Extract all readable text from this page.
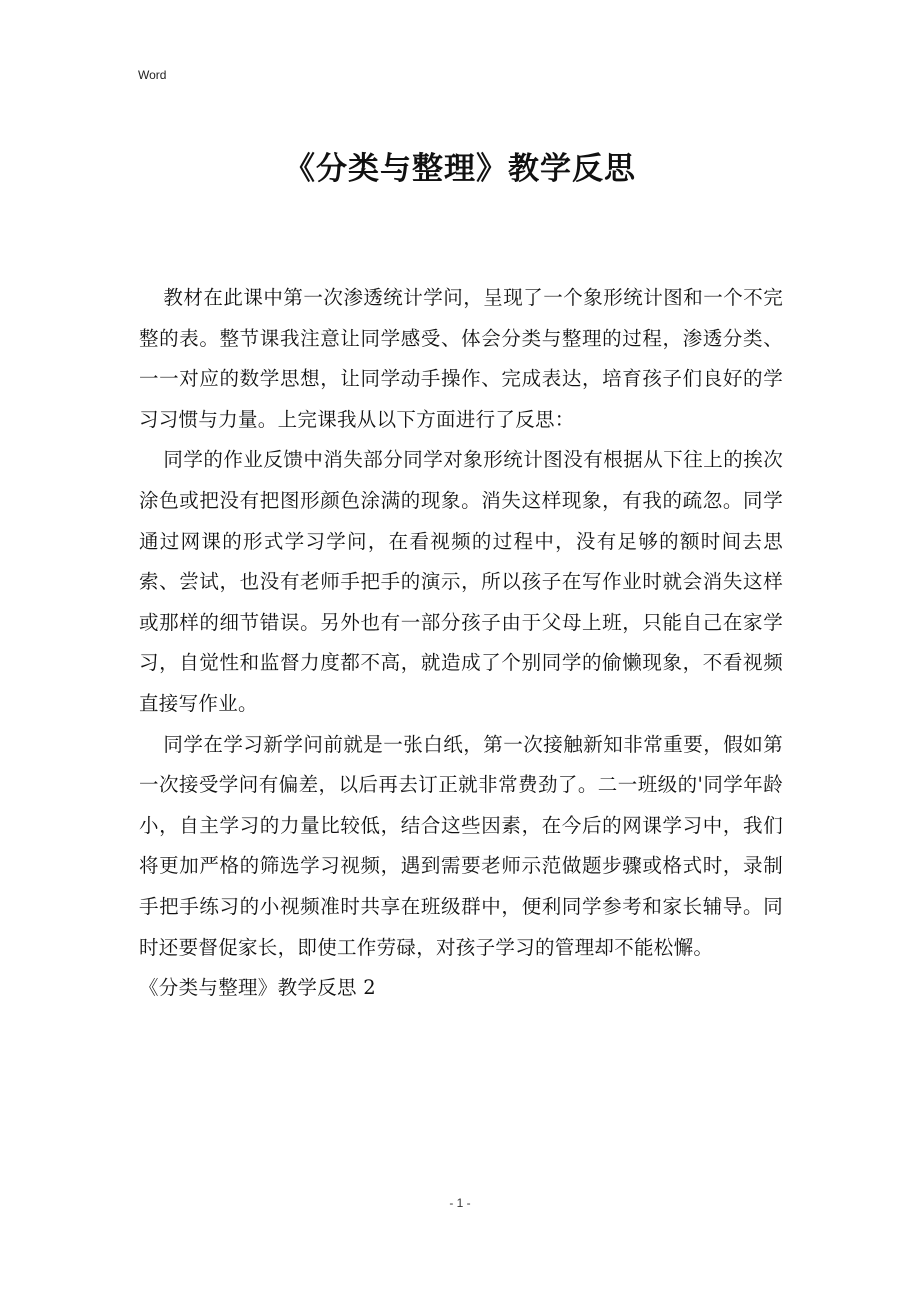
Word
《分类与整理》教学反思

教材在此课中第一次渗透统计学问，呈现了一个象形统计图和一个不完整的表。整节课我注意让同学感受、体会分类与整理的过程，渗透分类、一一对应的数学思想，让同学动手操作、完成表达，培育孩子们良好的学习习惯与力量。上完课我从以下方面进行了反思：

同学的作业反馈中消失部分同学对象形统计图没有根据从下往上的挨次涂色或把没有把图形颜色涂满的现象。消失这样现象，有我的疏忽。同学通过网课的形式学习学问，在看视频的过程中，没有足够的额时间去思索、尝试，也没有老师手把手的演示，所以孩子在写作业时就会消失这样或那样的细节错误。另外也有一部分孩子由于父母上班，只能自己在家学习，自觉性和监督力度都不高，就造成了个别同学的偷懒现象，不看视频直接写作业。

同学在学习新学问前就是一张白纸，第一次接触新知非常重要，假如第一次接受学问有偏差，以后再去订正就非常费劲了。二一班级的'同学年龄小，自主学习的力量比较低，结合这些因素，在今后的网课学习中，我们将更加严格的筛选学习视频，遇到需要老师示范做题步骤或格式时，录制手把手练习的小视频准时共享在班级群中，便利同学参考和家长辅导。同时还要督促家长，即使工作劳碌，对孩子学习的管理却不能松懈。

《分类与整理》教学反思 2

- 1 -
